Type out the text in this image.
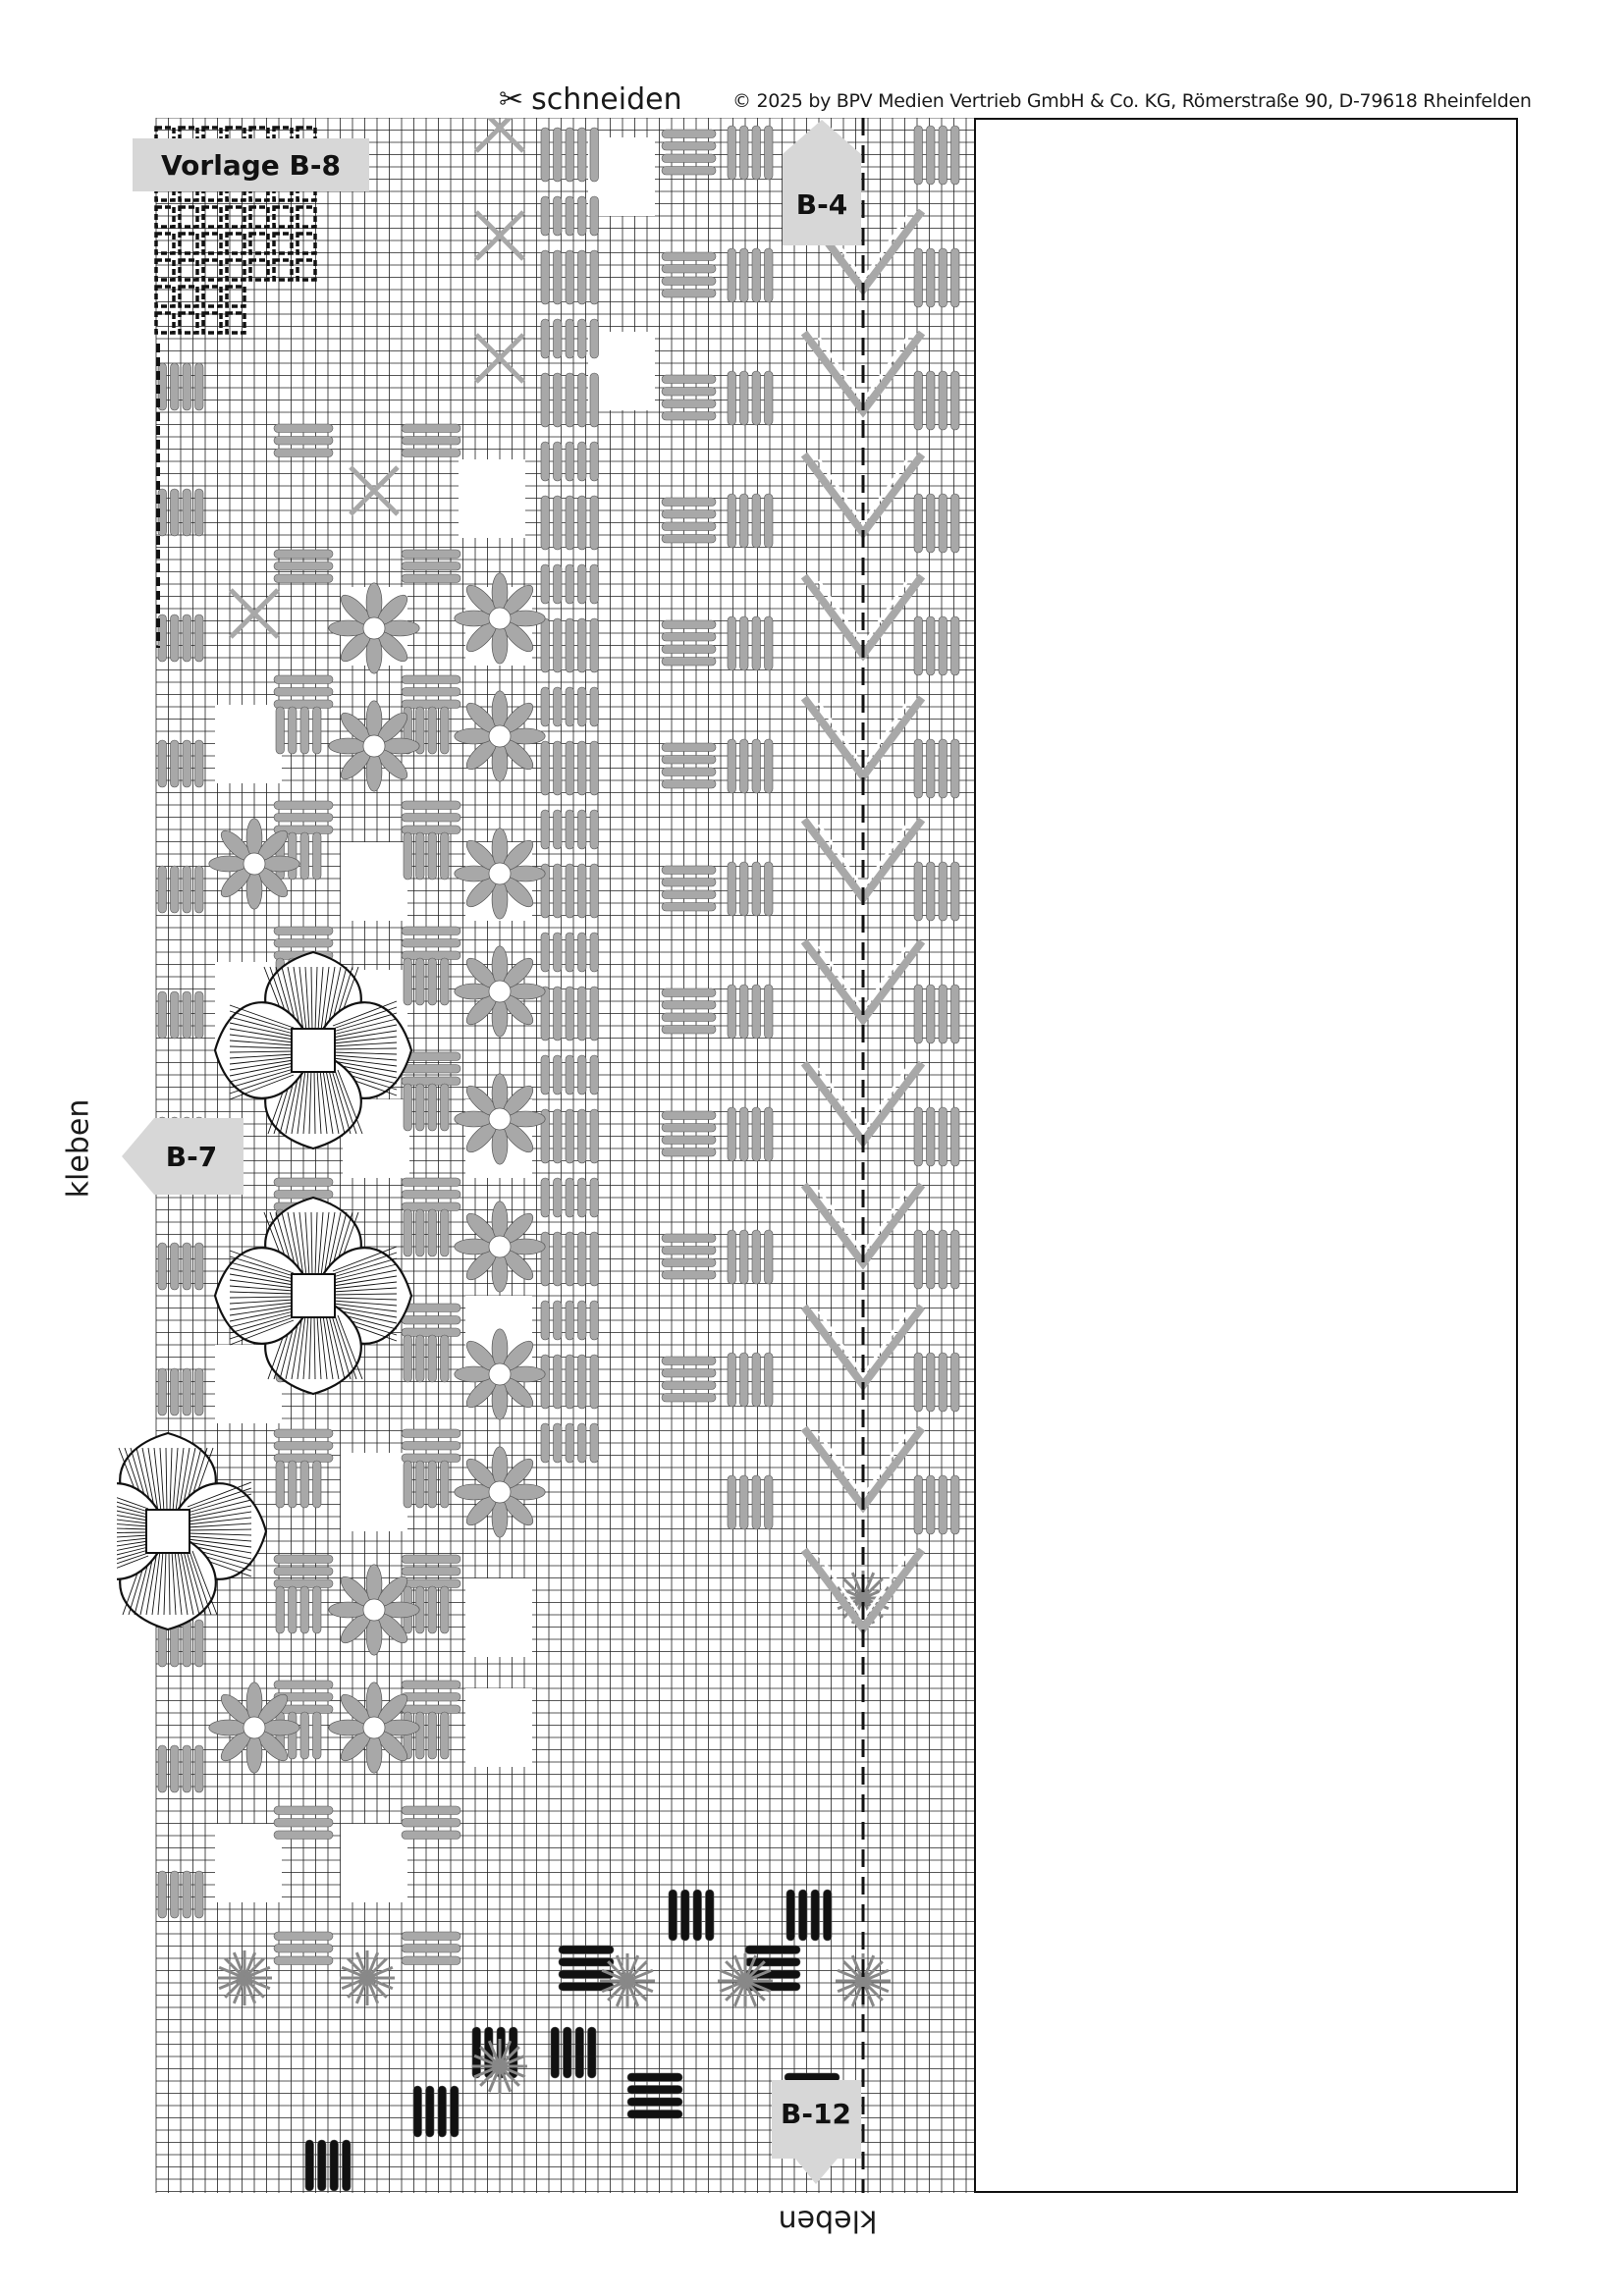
✂ schneiden	© 2025 by BPV Medien Vertrieb GmbH & Co. KG, Römerstraße 90, D-79618 Rheinfelden
Vorlage B-8
kleben
kleben
B-4
B-7
B-12
